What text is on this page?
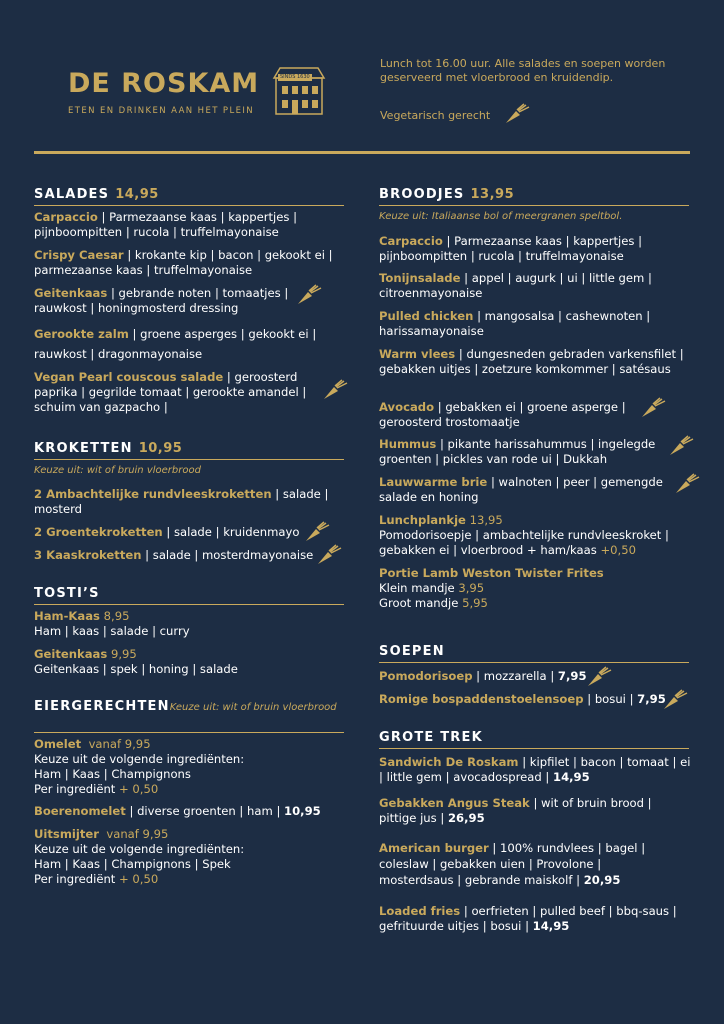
DE ROSKAM	SINDS 1630
ETEN EN DRINKEN AAN HET PLEIN
Lunch tot 16.00 uur. Alle salades en soepen worden geserveerd met vloerbrood en kruidendip.
Vegetarisch gerecht
SALADES 14,95
Carpaccio | Parmezaanse kaas | kappertjes | pijnboompitten | rucola | truffelmayonaise
Crispy Caesar | krokante kip | bacon | gekookt ei | parmezaanse kaas | truffelmayonaise
Geitenkaas | gebrande noten | tomaatjes | rauwkost | honingmosterd dressing
Gerookte zalm | groene asperges | gekookt ei | rauwkost | dragonmayonaise
Vegan Pearl couscous salade | geroosterd paprika | gegrilde tomaat | gerookte amandel | schuim van gazpacho |
KROKETTEN 10,95
Keuze uit: wit of bruin vloerbrood
2 Ambachtelijke rundvleeskroketten | salade | mosterd
2 Groentekroketten | salade | kruidenmayo
3 Kaaskroketten | salade | mosterdmayonaise
TOSTI’S
Ham-Kaas 8,95
Ham | kaas | salade | curry
Geitenkaas 9,95
Geitenkaas | spek | honing | salade
EIERGERECHTENKeuze uit: wit of bruin vloerbrood
Omelet vanaf 9,95
Keuze uit de volgende ingrediënten:
Ham | Kaas | Champignons
Per ingrediënt + 0,50
Boerenomelet | diverse groenten | ham | 10,95
Uitsmijter vanaf 9,95
Keuze uit de volgende ingrediënten:
Ham | Kaas | Champignons | Spek
Per ingrediënt + 0,50
BROODJES 13,95
Keuze uit: Italiaanse bol of meergranen speltbol.
Carpaccio | Parmezaanse kaas | kappertjes | pijnboompitten | rucola | truffelmayonaise
Tonijnsalade | appel | augurk | ui | little gem | citroenmayonaise
Pulled chicken | mangosalsa | cashewnoten | harissamayonaise
Warm vlees | dungesneden gebraden varkensfilet | gebakken uitjes | zoetzure komkommer | satésaus
Avocado | gebakken ei | groene asperge | geroosterd trostomaatje
Hummus | pikante harissahummus | ingelegde groenten | pickles van rode ui | Dukkah
Lauwwarme brie | walnoten | peer | gemengde salade en honing
Lunchplankje 13,95
Pomodorisoepje | ambachtelijke rundvleeskroket | gebakken ei | vloerbrood + ham/kaas +0,50
Portie Lamb Weston Twister Frites
Klein mandje 3,95
Groot mandje 5,95
SOEPEN
Pomodorisoep | mozzarella | 7,95
Romige bospaddenstoelensoep | bosui | 7,95
GROTE TREK
Sandwich De Roskam | kipfilet | bacon | tomaat | ei | little gem | avocadospread | 14,95
Gebakken Angus Steak | wit of bruin brood | pittige jus | 26,95
American burger | 100% rundvlees | bagel | coleslaw | gebakken uien | Provolone | mosterdsaus | gebrande maiskolf | 20,95
Loaded fries | oerfrieten | pulled beef | bbq-saus | gefrituurde uitjes | bosui | 14,95
